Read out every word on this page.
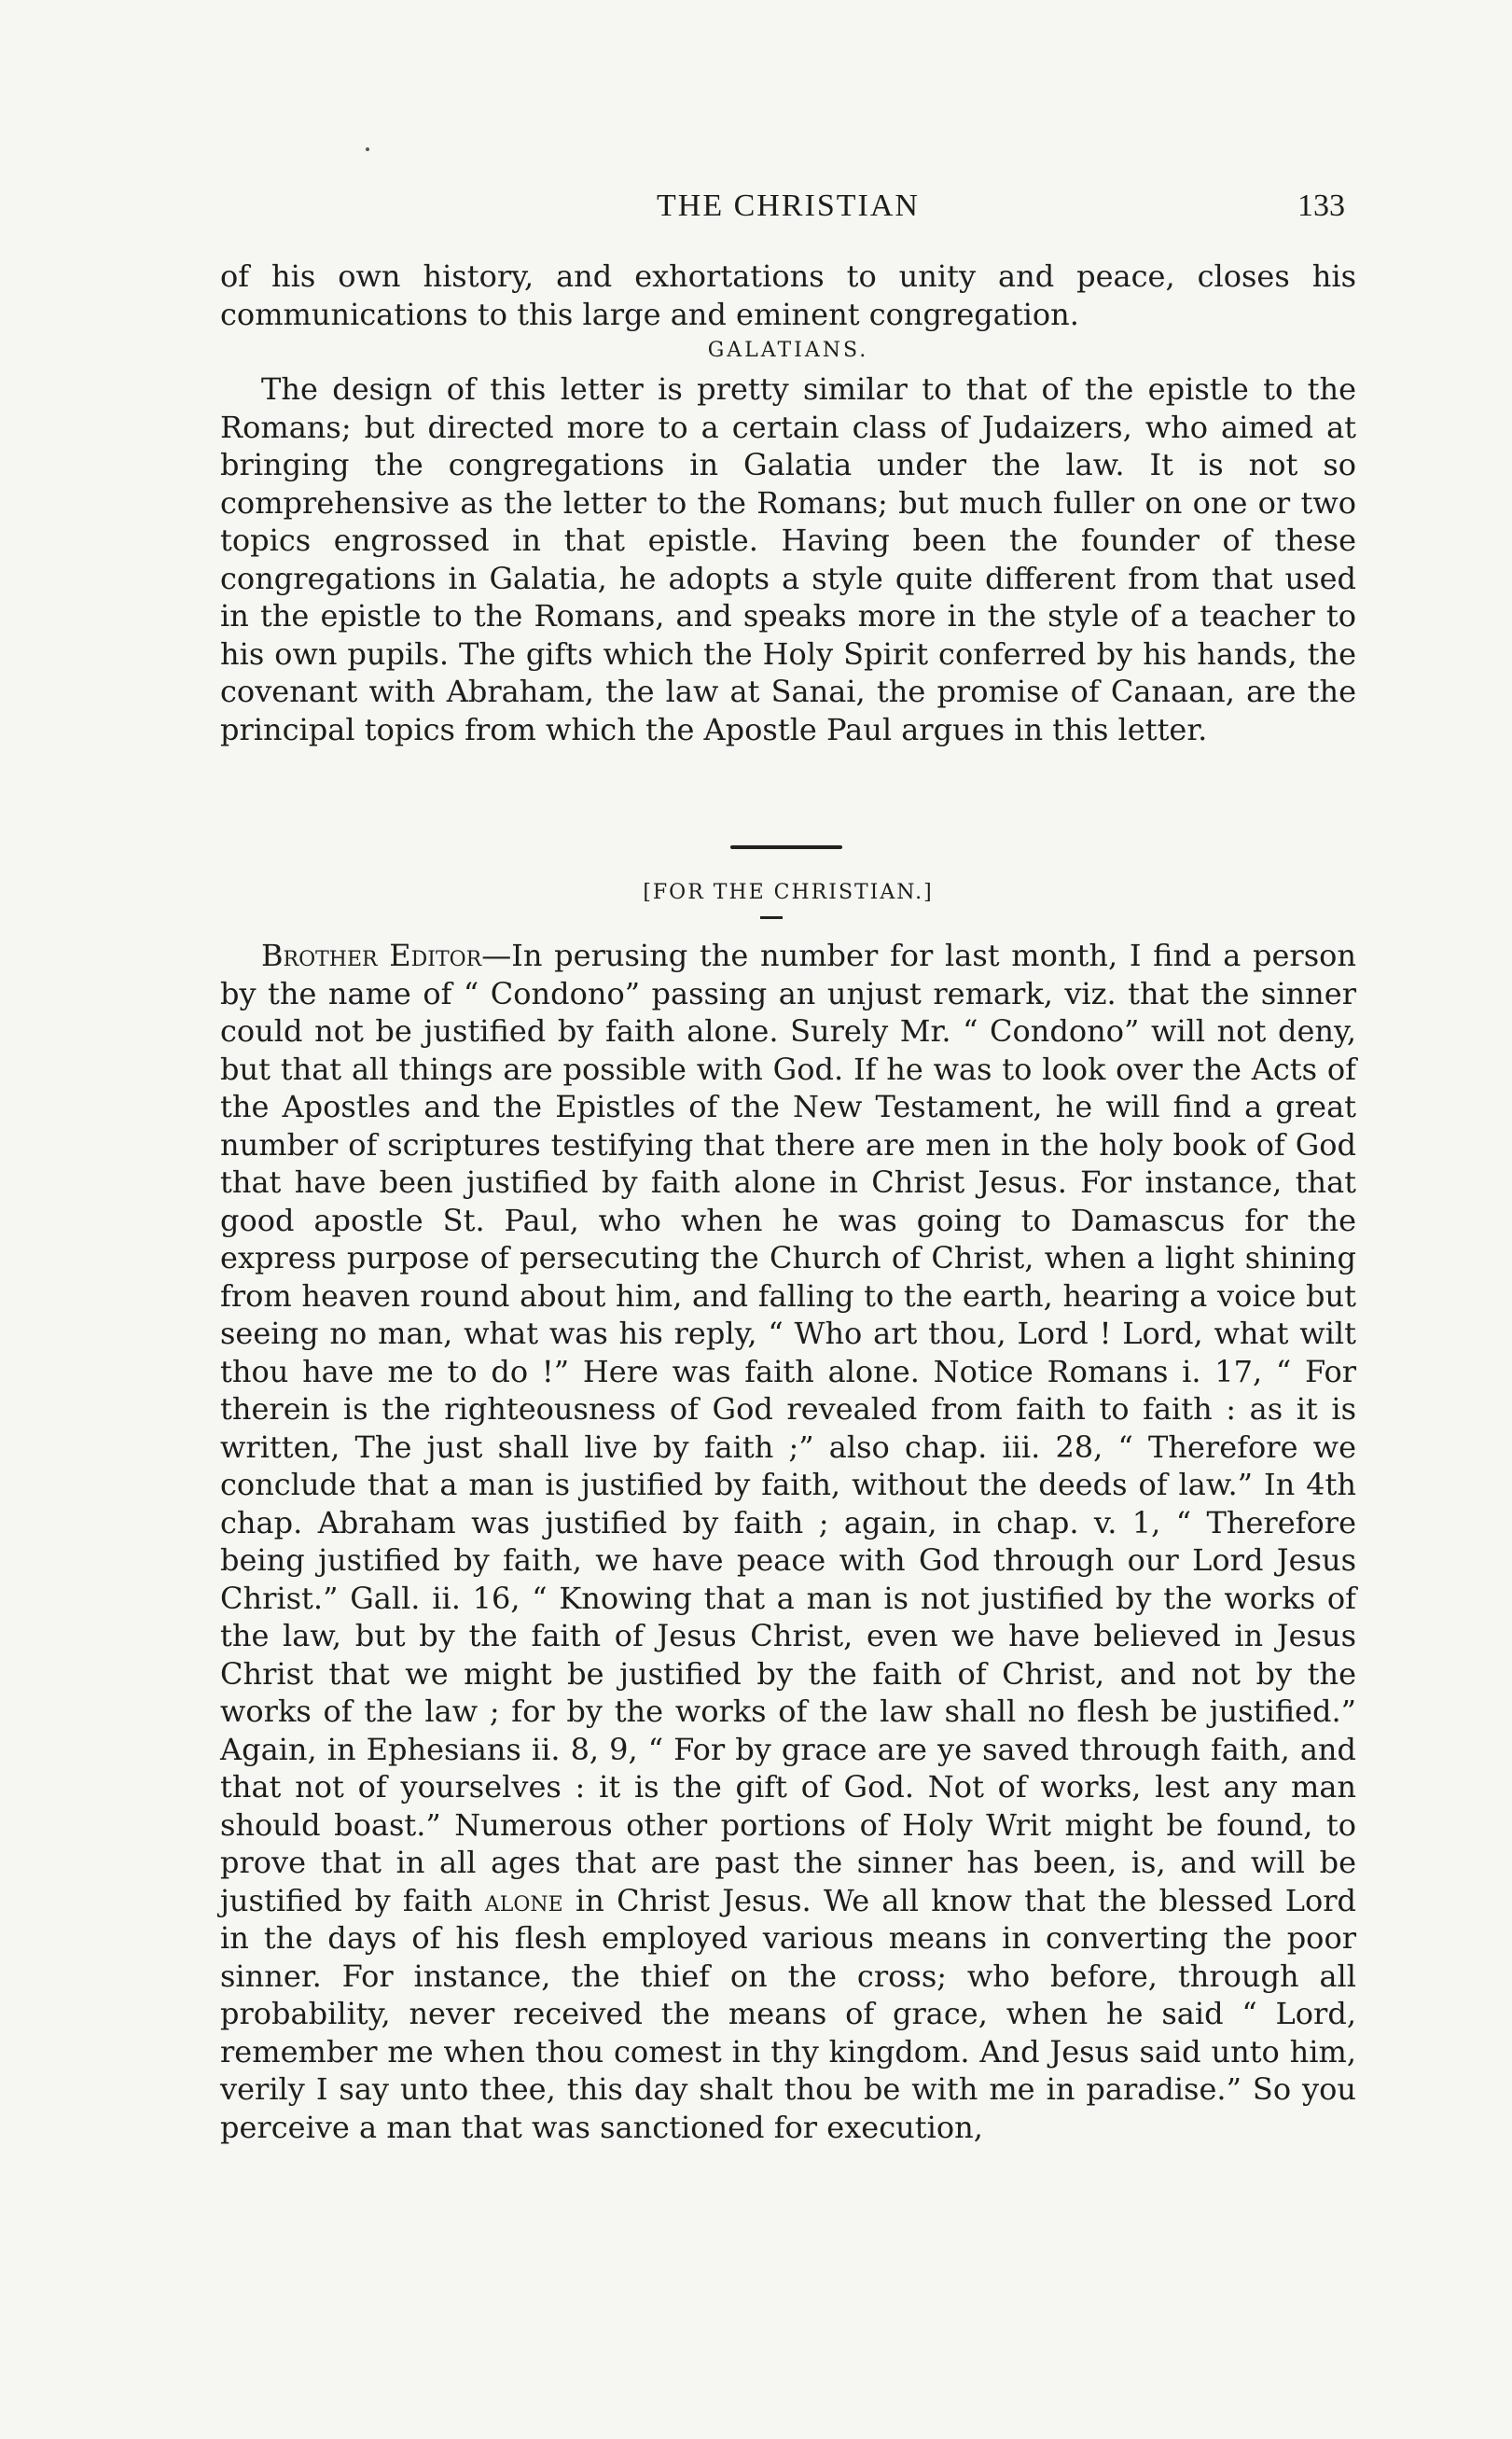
THE CHRISTIAN	133

of his own history, and exhortations to unity and peace, closes his communications to this large and eminent congregation.

GALATIANS.

The design of this letter is pretty similar to that of the epistle to the Romans; but directed more to a certain class of Judaizers, who aimed at bringing the congregations in Galatia under the law. It is not so comprehensive as the letter to the Romans; but much fuller on one or two topics engrossed in that epistle. Having been the founder of these congregations in Galatia, he adopts a style quite different from that used in the epistle to the Romans, and speaks more in the style of a teacher to his own pupils. The gifts which the Holy Spirit conferred by his hands, the covenant with Abraham, the law at Sanai, the promise of Canaan, are the principal topics from which the Apostle Paul argues in this letter.

[FOR THE CHRISTIAN.]

Brother Editor—In perusing the number for last month, I find a person by the name of “ Condono” passing an unjust remark, viz. that the sinner could not be justified by faith alone. Surely Mr. “ Condono” will not deny, but that all things are possible with God. If he was to look over the Acts of the Apostles and the Epistles of the New Testament, he will find a great number of scriptures testifying that there are men in the holy book of God that have been justified by faith alone in Christ Jesus. For instance, that good apostle St. Paul, who when he was going to Damascus for the express purpose of persecuting the Church of Christ, when a light shining from heaven round about him, and falling to the earth, hearing a voice but seeing no man, what was his reply, “ Who art thou, Lord ! Lord, what wilt thou have me to do !” Here was faith alone. Notice Romans i. 17, “ For therein is the righteousness of God revealed from faith to faith : as it is written, The just shall live by faith ;” also chap. iii. 28, “ Therefore we conclude that a man is justified by faith, without the deeds of law.” In 4th chap. Abraham was justified by faith ; again, in chap. v. 1, “ Therefore being justified by faith, we have peace with God through our Lord Jesus Christ.” Gall. ii. 16, “ Knowing that a man is not justified by the works of the law, but by the faith of Jesus Christ, even we have believed in Jesus Christ that we might be justified by the faith of Christ, and not by the works of the law ; for by the works of the law shall no flesh be justified.” Again, in Ephesians ii. 8, 9, “ For by grace are ye saved through faith, and that not of yourselves : it is the gift of God. Not of works, lest any man should boast.” Numerous other portions of Holy Writ might be found, to prove that in all ages that are past the sinner has been, is, and will be justified by faith alone in Christ Jesus. We all know that the blessed Lord in the days of his flesh employed various means in converting the poor sinner. For instance, the thief on the cross; who before, through all probability, never received the means of grace, when he said “ Lord, remember me when thou comest in thy kingdom. And Jesus said unto him, verily I say unto thee, this day shalt thou be with me in paradise.” So you perceive a man that was sanctioned for execution,
